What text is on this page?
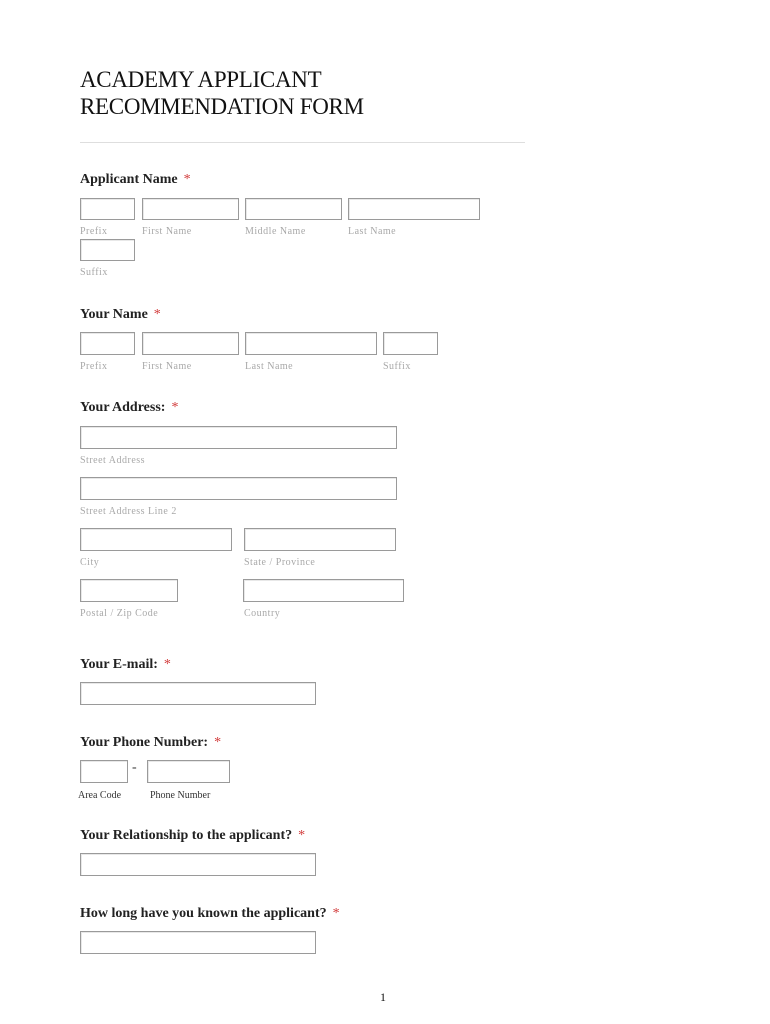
ACADEMY APPLICANT
RECOMMENDATION FORM
Applicant Name *
Prefix	First Name	Middle Name	Last Name
Suffix
Your Name *
Prefix	First Name	Last Name	Suffix
Your Address: *
Street Address
Street Address Line 2
City	State / Province
Postal / Zip Code	Country
Your E-mail: *
Your Phone Number: *
-
Area Code	Phone Number
Your Relationship to the applicant? *
How long have you known the applicant? *
1
